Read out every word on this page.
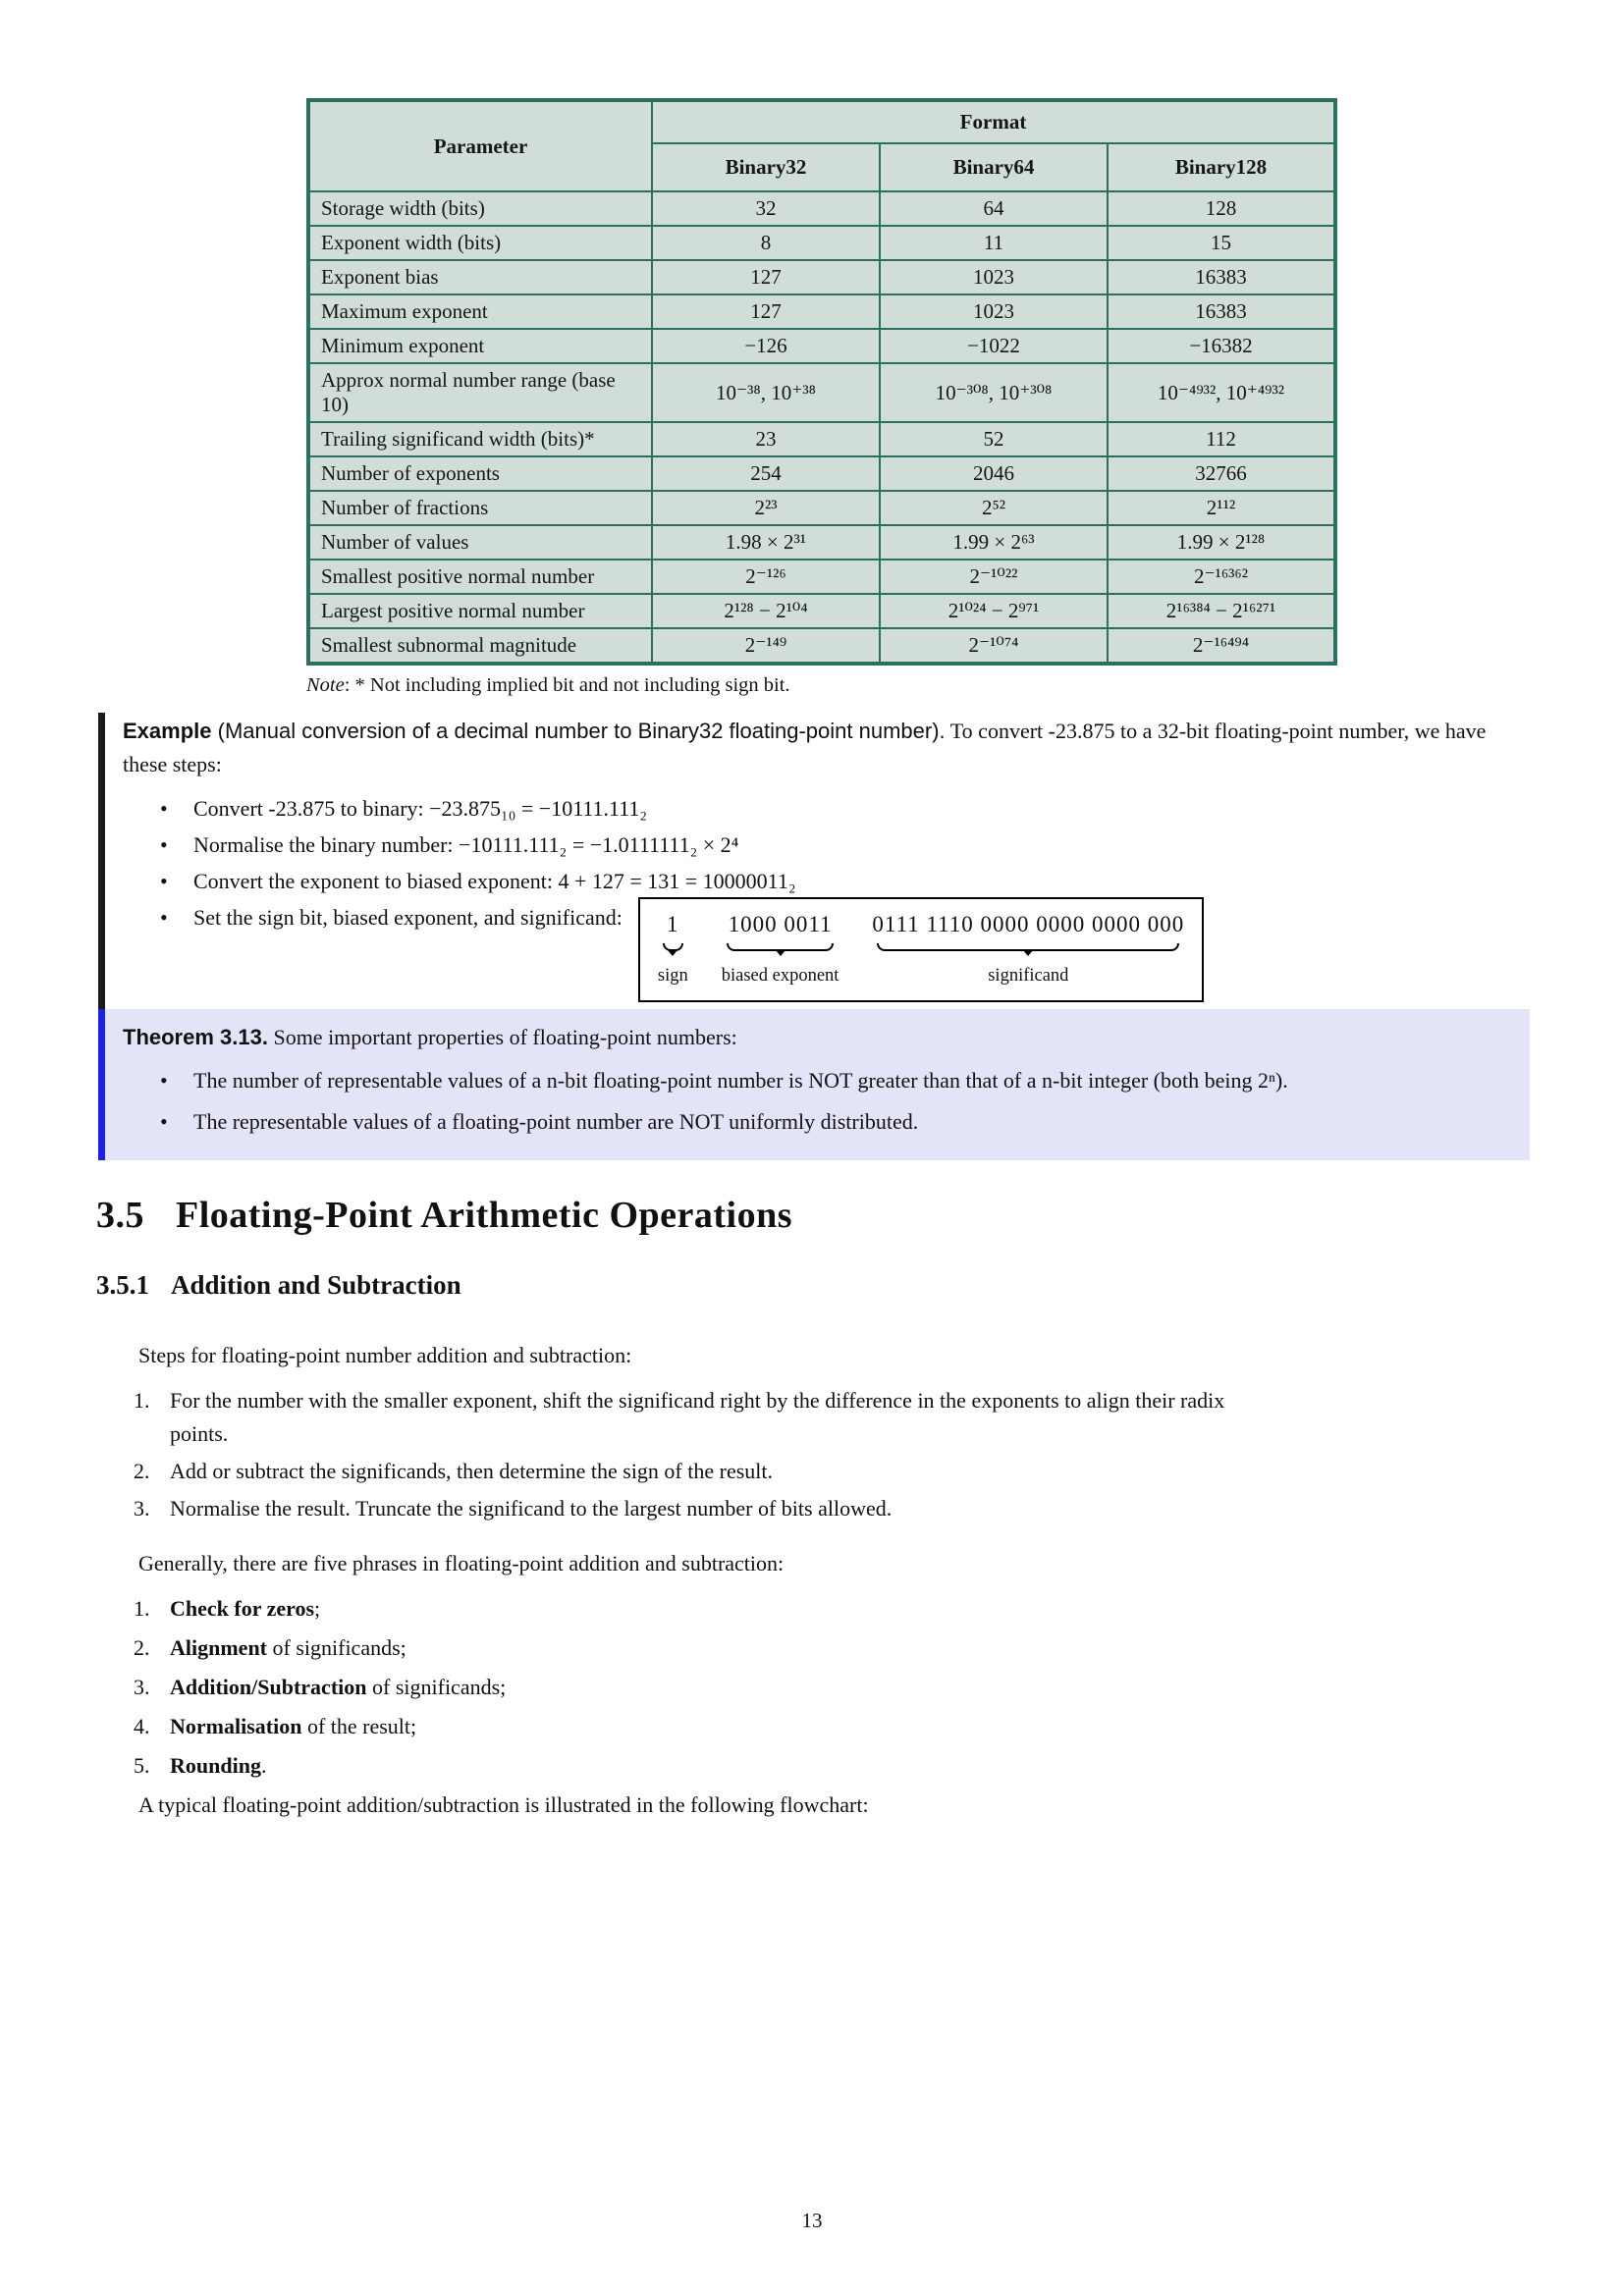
Parameter	Format		
	Binary32	Binary64	Binary128
Storage width (bits)	32	64	128
Exponent width (bits)	8	11	15
Exponent bias	127	1023	16383
Maximum exponent	127	1023	16383
Minimum exponent	−126	−1022	−16382
Approx normal number range (base 10)	10⁻³⁸, 10⁺³⁸	10⁻³⁰⁸, 10⁺³⁰⁸	10⁻⁴⁹³², 10⁺⁴⁹³²
Trailing significand width (bits)*	23	52	112
Number of exponents	254	2046	32766
Number of fractions	2²³	2⁵²	2¹¹²
Number of values	1.98 × 2³¹	1.99 × 2⁶³	1.99 × 2¹²⁸
Smallest positive normal number	2⁻¹²⁶	2⁻¹⁰²²	2⁻¹⁶³⁶²
Largest positive normal number	2¹²⁸ − 2¹⁰⁴	2¹⁰²⁴ − 2⁹⁷¹	2¹⁶³⁸⁴ − 2¹⁶²⁷¹
Smallest subnormal magnitude	2⁻¹⁴⁹	2⁻¹⁰⁷⁴	2⁻¹⁶⁴⁹⁴
Note: * Not including implied bit and not including sign bit.

Example (Manual conversion of a decimal number to Binary32 floating-point number). To convert -23.875 to a 32-bit floating-point number, we have these steps:

•	Convert -23.875 to binary: −23.875₁₀ = −10111.111₂
•	Normalise the binary number: −10111.111₂ = −1.0111111₂ × 2⁴
•	Convert the exponent to biased exponent: 4 + 127 = 131 = 10000011₂
•	Set the sign bit, biased exponent, and significand: 1
sign
1000 0011
biased exponent
0111 1110 0000 0000 0000 000
significand

Theorem 3.13. Some important properties of floating-point numbers:

•	The number of representable values of a n-bit floating-point number is NOT greater than that of a n-bit integer (both being 2ⁿ).
•	The representable values of a floating-point number are NOT uniformly distributed.
3.5 Floating-Point Arithmetic Operations
3.5.1 Addition and Subtraction

Steps for floating-point number addition and subtraction:

1. For the number with the smaller exponent, shift the significand right by the difference in the exponents to align their radix points.
2. Add or subtract the significands, then determine the sign of the result.
3. Normalise the result. Truncate the significand to the largest number of bits allowed.

Generally, there are five phrases in floating-point addition and subtraction:

1. Check for zeros;
2. Alignment of significands;
3. Addition/Subtraction of significands;
4. Normalisation of the result;
5. Rounding.

A typical floating-point addition/subtraction is illustrated in the following flowchart:

13
